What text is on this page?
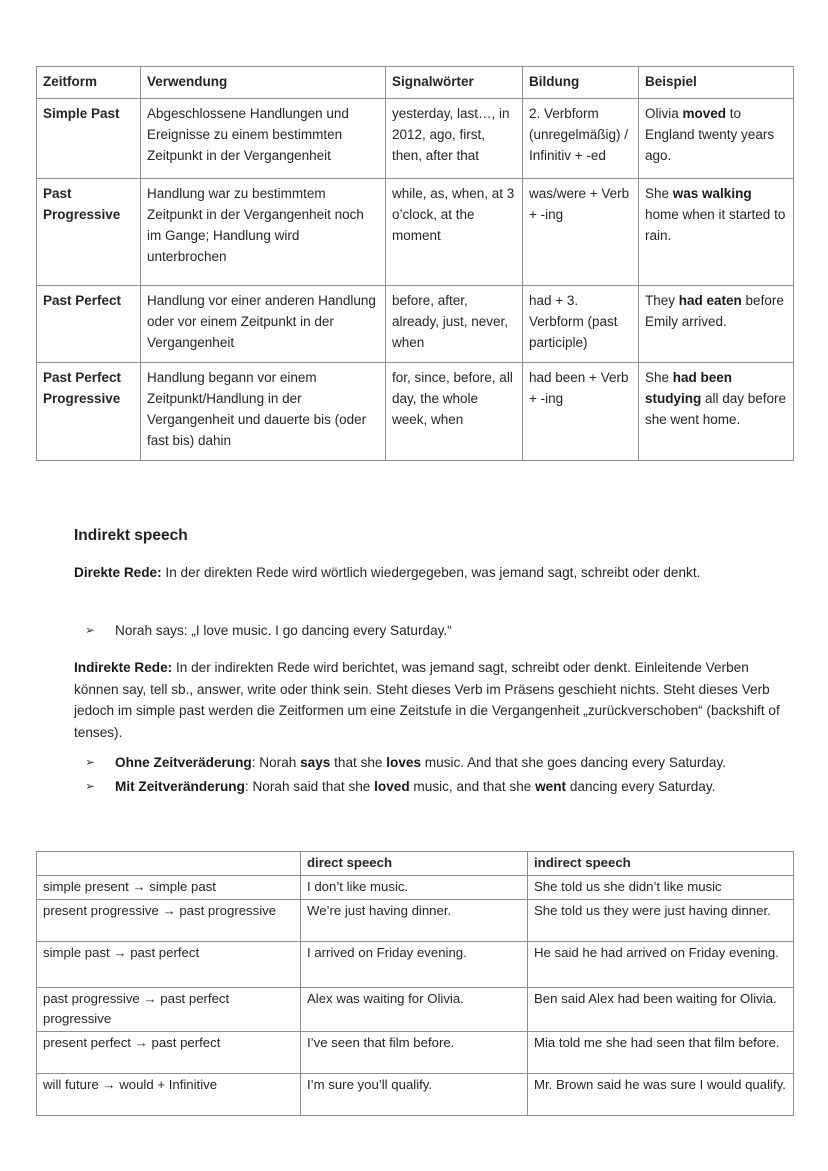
Zeitform	Verwendung	Signalwörter	Bildung	Beispiel
Simple Past	Abgeschlossene Handlungen und Ereignisse zu einem bestimmten Zeitpunkt in der Vergangenheit	yesterday, last…, in 2012, ago, first, then, after that	2. Verbform (unregelmäßig) / Infinitiv + -ed	Olivia moved to England twenty years ago.
Past Progressive	Handlung war zu bestimmtem Zeitpunkt in der Vergangenheit noch im Gange; Handlung wird unterbrochen	while, as, when, at 3 o’clock, at the moment	was/were + Verb + -ing	She was walking home when it started to rain.
Past Perfect	Handlung vor einer anderen Handlung oder vor einem Zeitpunkt in der Vergangenheit	before, after, already, just, never, when	had + 3. Verbform (past participle)	They had eaten before Emily arrived.
Past Perfect Progressive	Handlung begann vor einem Zeitpunkt/Handlung in der Vergangenheit und dauerte bis (oder fast bis) dahin	for, since, before, all day, the whole week, when	had been + Verb + -ing	She had been studying all day before she went home.
Indirekt speech

Direkte Rede: In der direkten Rede wird wörtlich wiedergegeben, was jemand sagt, schreibt oder denkt.

➢ Norah says: „I love music. I go dancing every Saturday.“

Indirekte Rede: In der indirekten Rede wird berichtet, was jemand sagt, schreibt oder denkt. Einleitende Verben können say, tell sb., answer, write oder think sein. Steht dieses Verb im Präsens geschieht nichts. Steht dieses Verb jedoch im simple past werden die Zeitformen um eine Zeitstufe in die Vergangenheit „zurückverschoben“ (backshift of tenses).

➢ Ohne Zeitveräderung: Norah says that she loves music. And that she goes dancing every Saturday.
➢ Mit Zeitveränderung: Norah said that she loved music, and that she went dancing every Saturday.
	direct speech	indirect speech
simple present → simple past	I don’t like music.	She told us she didn’t like music
present progressive → past progressive	We’re just having dinner.	She told us they were just having dinner.
simple past → past perfect	I arrived on Friday evening.	He said he had arrived on Friday evening.
past progressive → past perfect progressive	Alex was waiting for Olivia.	Ben said Alex had been waiting for Olivia.
present perfect → past perfect	I’ve seen that film before.	Mia told me she had seen that film before.
will future → would + Infinitive	I’m sure you’ll qualify.	Mr. Brown said he was sure I would qualify.
